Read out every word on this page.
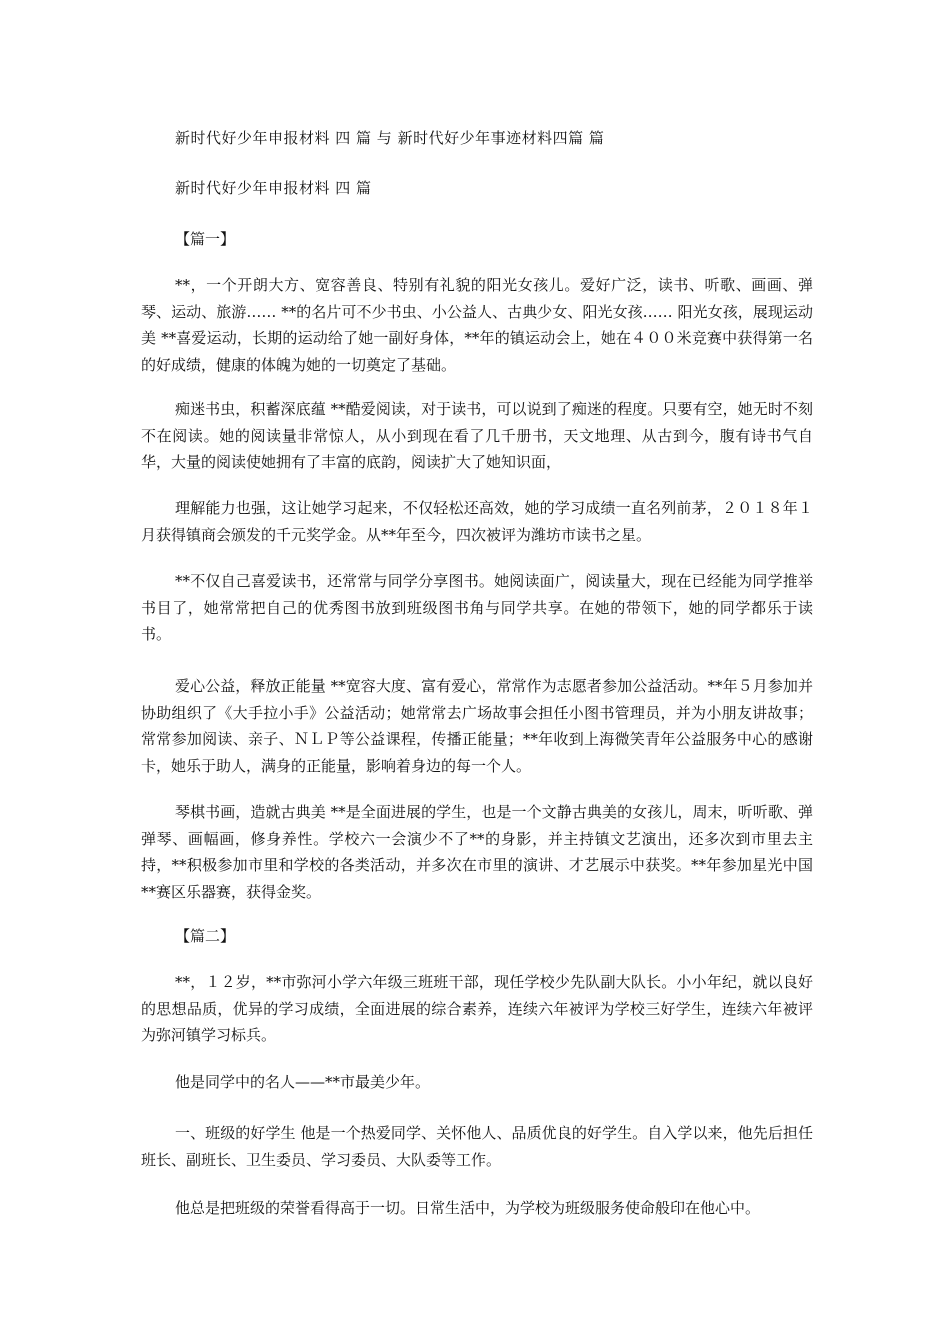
新时代好少年申报材料 四 篇 与 新时代好少年事迹材料四篇 篇
新时代好少年申报材料 四 篇
【篇一】

**，一个开朗大方、宽容善良、特别有礼貌的阳光女孩儿。爱好广泛，读书、听歌、画画、弹琴、运动、旅游…… **的名片可不少书虫、小公益人、古典少女、阳光女孩…… 阳光女孩，展现运动美 **喜爱运动，长期的运动给了她一副好身体，**年的镇运动会上，她在４００米竞赛中获得第一名的好成绩，健康的体魄为她的一切奠定了基础。

痴迷书虫，积蓄深底蕴 **酷爱阅读，对于读书，可以说到了痴迷的程度。只要有空，她无时不刻不在阅读。她的阅读量非常惊人，从小到现在看了几千册书，天文地理、从古到今，腹有诗书气自华，大量的阅读使她拥有了丰富的底韵，阅读扩大了她知识面，

理解能力也强，这让她学习起来，不仅轻松还高效，她的学习成绩一直名列前茅，２０１８年１月获得镇商会颁发的千元奖学金。从**年至今，四次被评为潍坊市读书之星。

**不仅自己喜爱读书，还常常与同学分享图书。她阅读面广，阅读量大，现在已经能为同学推举书目了，她常常把自己的优秀图书放到班级图书角与同学共享。在她的带领下，她的同学都乐于读书。

爱心公益，释放正能量 **宽容大度、富有爱心，常常作为志愿者参加公益活动。**年５月参加并协助组织了《大手拉小手》公益活动；她常常去广场故事会担任小图书管理员，并为小朋友讲故事；常常参加阅读、亲子、ＮＬＰ等公益课程，传播正能量；**年收到上海微笑青年公益服务中心的感谢卡，她乐于助人，满身的正能量，影响着身边的每一个人。

琴棋书画，造就古典美 **是全面进展的学生，也是一个文静古典美的女孩儿，周末，听听歌、弹弹琴、画幅画，修身养性。学校六一会演少不了**的身影，并主持镇文艺演出，还多次到市里去主持，**积极参加市里和学校的各类活动，并多次在市里的演讲、才艺展示中获奖。**年参加星光中国**赛区乐器赛，获得金奖。

【篇二】

**，１２岁，**市弥河小学六年级三班班干部，现任学校少先队副大队长。小小年纪，就以良好的思想品质，优异的学习成绩，全面进展的综合素养，连续六年被评为学校三好学生，连续六年被评为弥河镇学习标兵。

他是同学中的名人——**市最美少年。

一、班级的好学生 他是一个热爱同学、关怀他人、品质优良的好学生。自入学以来，他先后担任班长、副班长、卫生委员、学习委员、大队委等工作。

他总是把班级的荣誉看得高于一切。日常生活中，为学校为班级服务使命般印在他心中。
